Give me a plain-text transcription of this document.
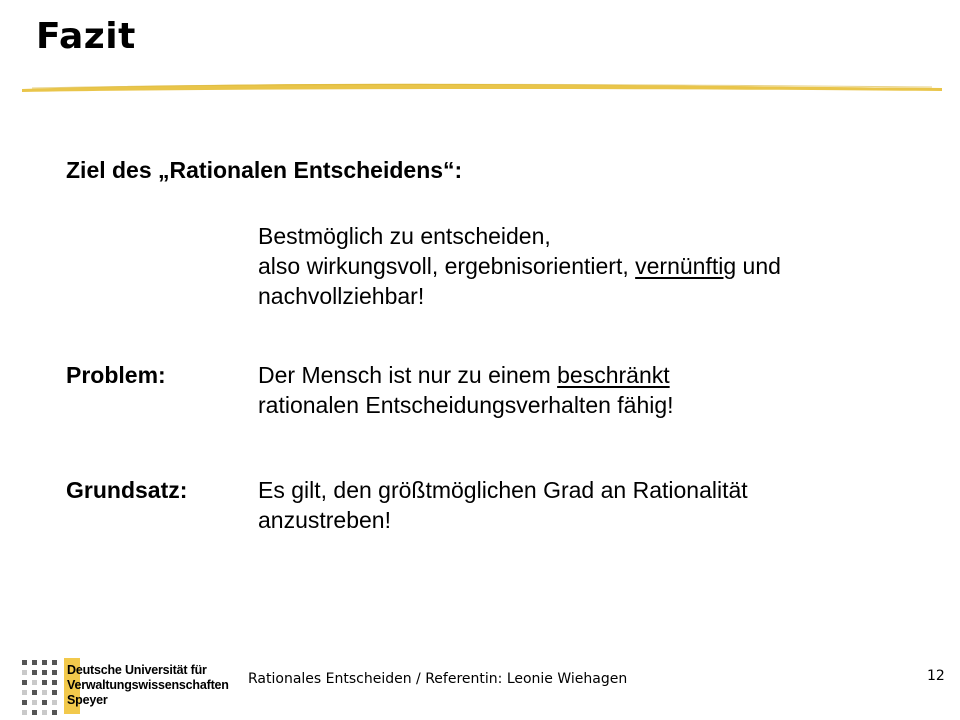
Fazit
Ziel des „Rationalen Entscheidens“:
Bestmöglich zu entscheiden,
also wirkungsvoll, ergebnisorientiert, vernünftig und
nachvollziehbar!
Problem:	Der Mensch ist nur zu einem beschränkt
rationalen Entscheidungsverhalten fähig!
Grundsatz:	Es gilt, den größtmöglichen Grad an Rationalität
anzustreben!
Deutsche Universität für
Verwaltungswissenschaften
Speyer
Rationales Entscheiden / Referentin: Leonie Wiehagen	12
